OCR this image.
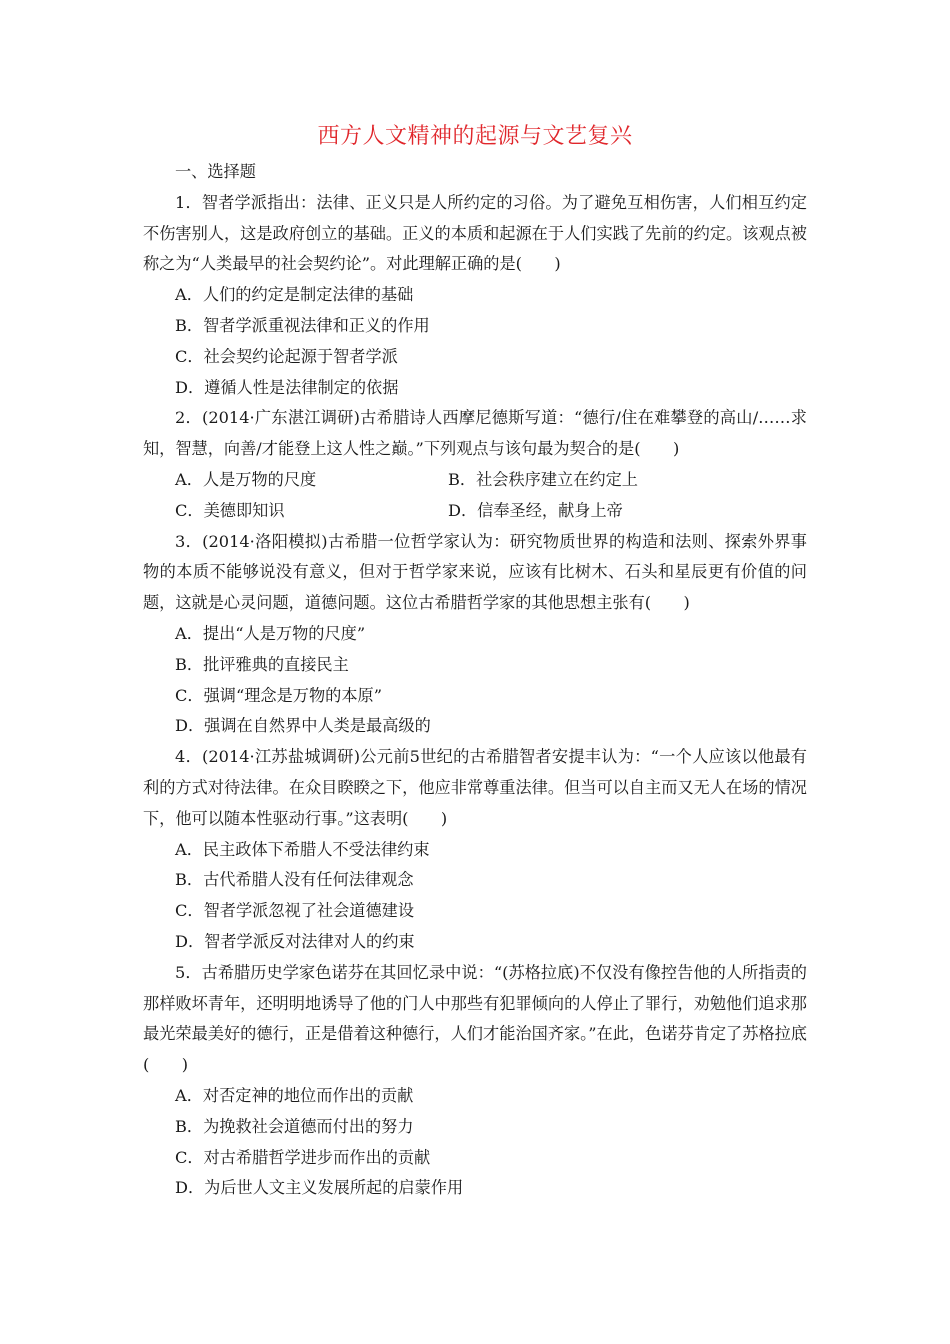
西方人文精神的起源与文艺复兴
一、选择题
1．智者学派指出：法律、正义只是人所约定的习俗。为了避免互相伤害，人们相互约定不伤害别人，这是政府创立的基础。正义的本质和起源在于人们实践了先前的约定。该观点被称之为“人类最早的社会契约论”。对此理解正确的是(　　)
A．人们的约定是制定法律的基础
B．智者学派重视法律和正义的作用
C．社会契约论起源于智者学派
D．遵循人性是法律制定的依据
2．(2014·广东湛江调研)古希腊诗人西摩尼德斯写道：“德行/住在难攀登的高山/……求知，智慧，向善/才能登上这人性之巅。”下列观点与该句最为契合的是(　　)
A．人是万物的尺度	B．社会秩序建立在约定上
C．美德即知识	D．信奉圣经，献身上帝
3．(2014·洛阳模拟)古希腊一位哲学家认为：研究物质世界的构造和法则、探索外界事物的本质不能够说没有意义，但对于哲学家来说，应该有比树木、石头和星辰更有价值的问题，这就是心灵问题，道德问题。这位古希腊哲学家的其他思想主张有(　　)
A．提出“人是万物的尺度”
B．批评雅典的直接民主
C．强调“理念是万物的本原”
D．强调在自然界中人类是最高级的
4．(2014·江苏盐城调研)公元前5世纪的古希腊智者安提丰认为：“一个人应该以他最有利的方式对待法律。在众目睽睽之下，他应非常尊重法律。但当可以自主而又无人在场的情况下，他可以随本性驱动行事。”这表明(　　)
A．民主政体下希腊人不受法律约束
B．古代希腊人没有任何法律观念
C．智者学派忽视了社会道德建设
D．智者学派反对法律对人的约束
5．古希腊历史学家色诺芬在其回忆录中说：“(苏格拉底)不仅没有像控告他的人所指责的那样败坏青年，还明明地诱导了他的门人中那些有犯罪倾向的人停止了罪行，劝勉他们追求那最光荣最美好的德行，正是借着这种德行，人们才能治国齐家。”在此，色诺芬肯定了苏格拉底(　　)
A．对否定神的地位而作出的贡献
B．为挽救社会道德而付出的努力
C．对古希腊哲学进步而作出的贡献
D．为后世人文主义发展所起的启蒙作用
